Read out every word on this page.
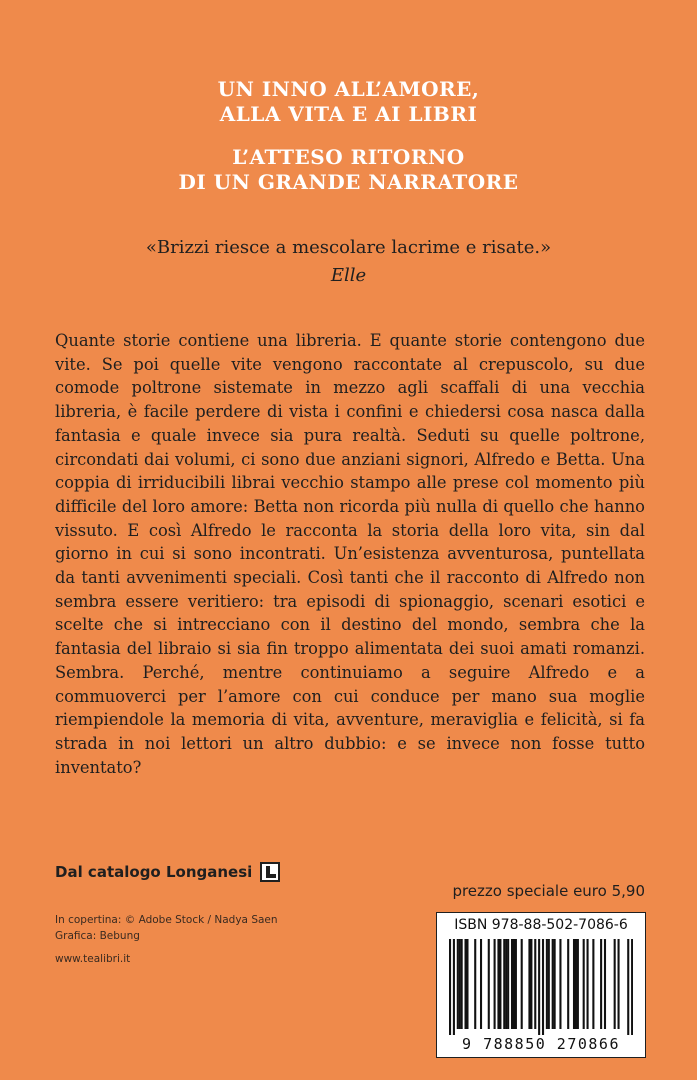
UN INNO ALL’AMORE,
ALLA VITA E AI LIBRI
L’ATTESO RITORNO
DI UN GRANDE NARRATORE
«Brizzi riesce a mescolare lacrime e risate.»
Elle
Quante storie contiene una libreria. E quante storie contengono due vite. Se poi quelle vite vengono raccontate al crepuscolo, su due comode poltrone sistemate in mezzo agli scaffali di una vecchia libreria, è facile perdere di vista i confini e chiedersi cosa nasca dalla fantasia e quale invece sia pura realtà. Seduti su quelle poltrone, circondati dai volumi, ci sono due anziani signori, Alfredo e Betta. Una coppia di irriducibili librai vecchio stampo alle prese col momento più difficile del loro amore: Betta non ricorda più nulla di quello che hanno vissuto. E così Alfredo le racconta la storia della loro vita, sin dal giorno in cui si sono incontrati. Un’esistenza avventurosa, puntellata da tanti avvenimenti speciali. Così tanti che il racconto di Alfredo non sembra essere veritiero: tra episodi di spionaggio, scenari esotici e scelte che si intrecciano con il destino del mondo, sembra che la fantasia del libraio si sia fin troppo alimentata dei suoi amati romanzi. Sembra. Perché, mentre continuiamo a seguire Alfredo e a commuoverci per l’amore con cui conduce per mano sua moglie riempiendole la memoria di vita, avventure, meraviglia e felicità, si fa strada in noi lettori un altro dubbio: e se invece non fosse tutto inventato?
Dal catalogo Longanesi
In copertina: © Adobe Stock / Nadya Saen
Grafica: Bebung
www.tealibri.it
prezzo speciale euro 5,90
ISBN 978-88-502-7086-6
9 788850 270866
